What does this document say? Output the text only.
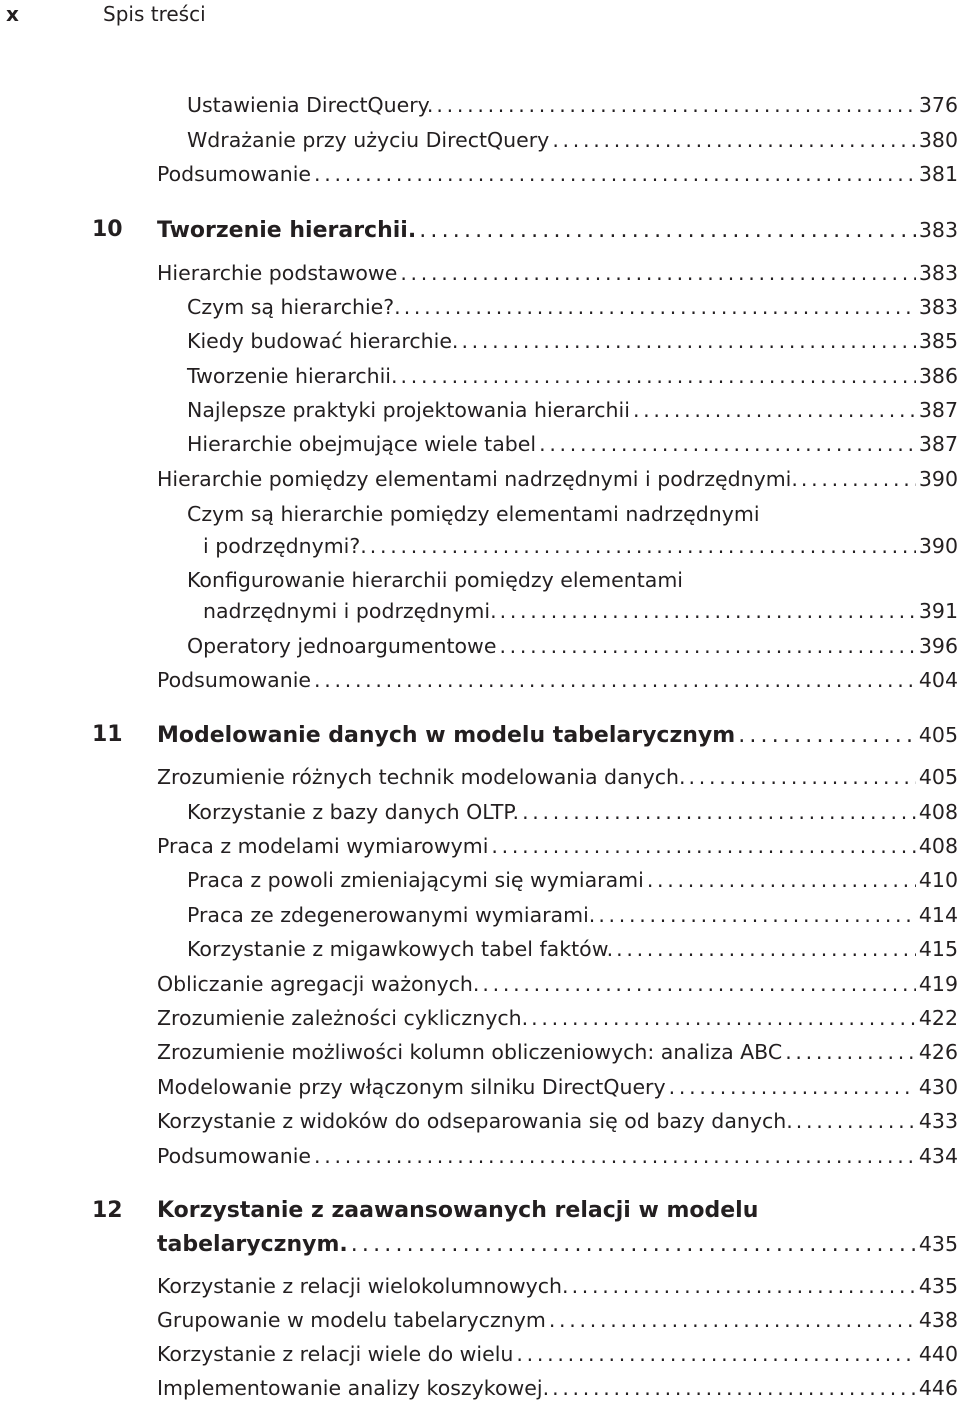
x	Spis treści
Ustawienia DirectQuery. . . .	376
Wdrażanie przy użyciu DirectQuery . . .	380
Podsumowanie . . .	381
10 Tworzenie hierarchii. . . .	383
Hierarchie podstawowe . . .	383
Czym są hierarchie?. . . .	383
Kiedy budować hierarchie. . . .	385
Tworzenie hierarchii. . . .	386
Najlepsze praktyki projektowania hierarchii . . .	387
Hierarchie obejmujące wiele tabel . . .	387
Hierarchie pomiędzy elementami nadrzędnymi i podrzędnymi. . . .	390
Czym są hierarchie pomiędzy elementami nadrzędnymi
i podrzędnymi?. . . .	390
Konfigurowanie hierarchii pomiędzy elementami
nadrzędnymi i podrzędnymi. . . .	391
Operatory jednoargumentowe . . .	396
Podsumowanie . . .	404
11 Modelowanie danych w modelu tabelarycznym . . .	405
Zrozumienie różnych technik modelowania danych. . . .	405
Korzystanie z bazy danych OLTP. . . .	408
Praca z modelami wymiarowymi . . .	408
Praca z powoli zmieniającymi się wymiarami . . .	410
Praca ze zdegenerowanymi wymiarami. . . .	414
Korzystanie z migawkowych tabel faktów. . . .	415
Obliczanie agregacji ważonych. . . .	419
Zrozumienie zależności cyklicznych. . . .	422
Zrozumienie możliwości kolumn obliczeniowych: analiza ABC . . .	426
Modelowanie przy włączonym silniku DirectQuery . . .	430
Korzystanie z widoków do odseparowania się od bazy danych. . . .	433
Podsumowanie . . .	434
12 Korzystanie z zaawansowanych relacji w modelu
tabelarycznym. . . .	435
Korzystanie z relacji wielokolumnowych. . . .	435
Grupowanie w modelu tabelarycznym . . .	438
Korzystanie z relacji wiele do wielu . . .	440
Implementowanie analizy koszykowej. . . .	446
